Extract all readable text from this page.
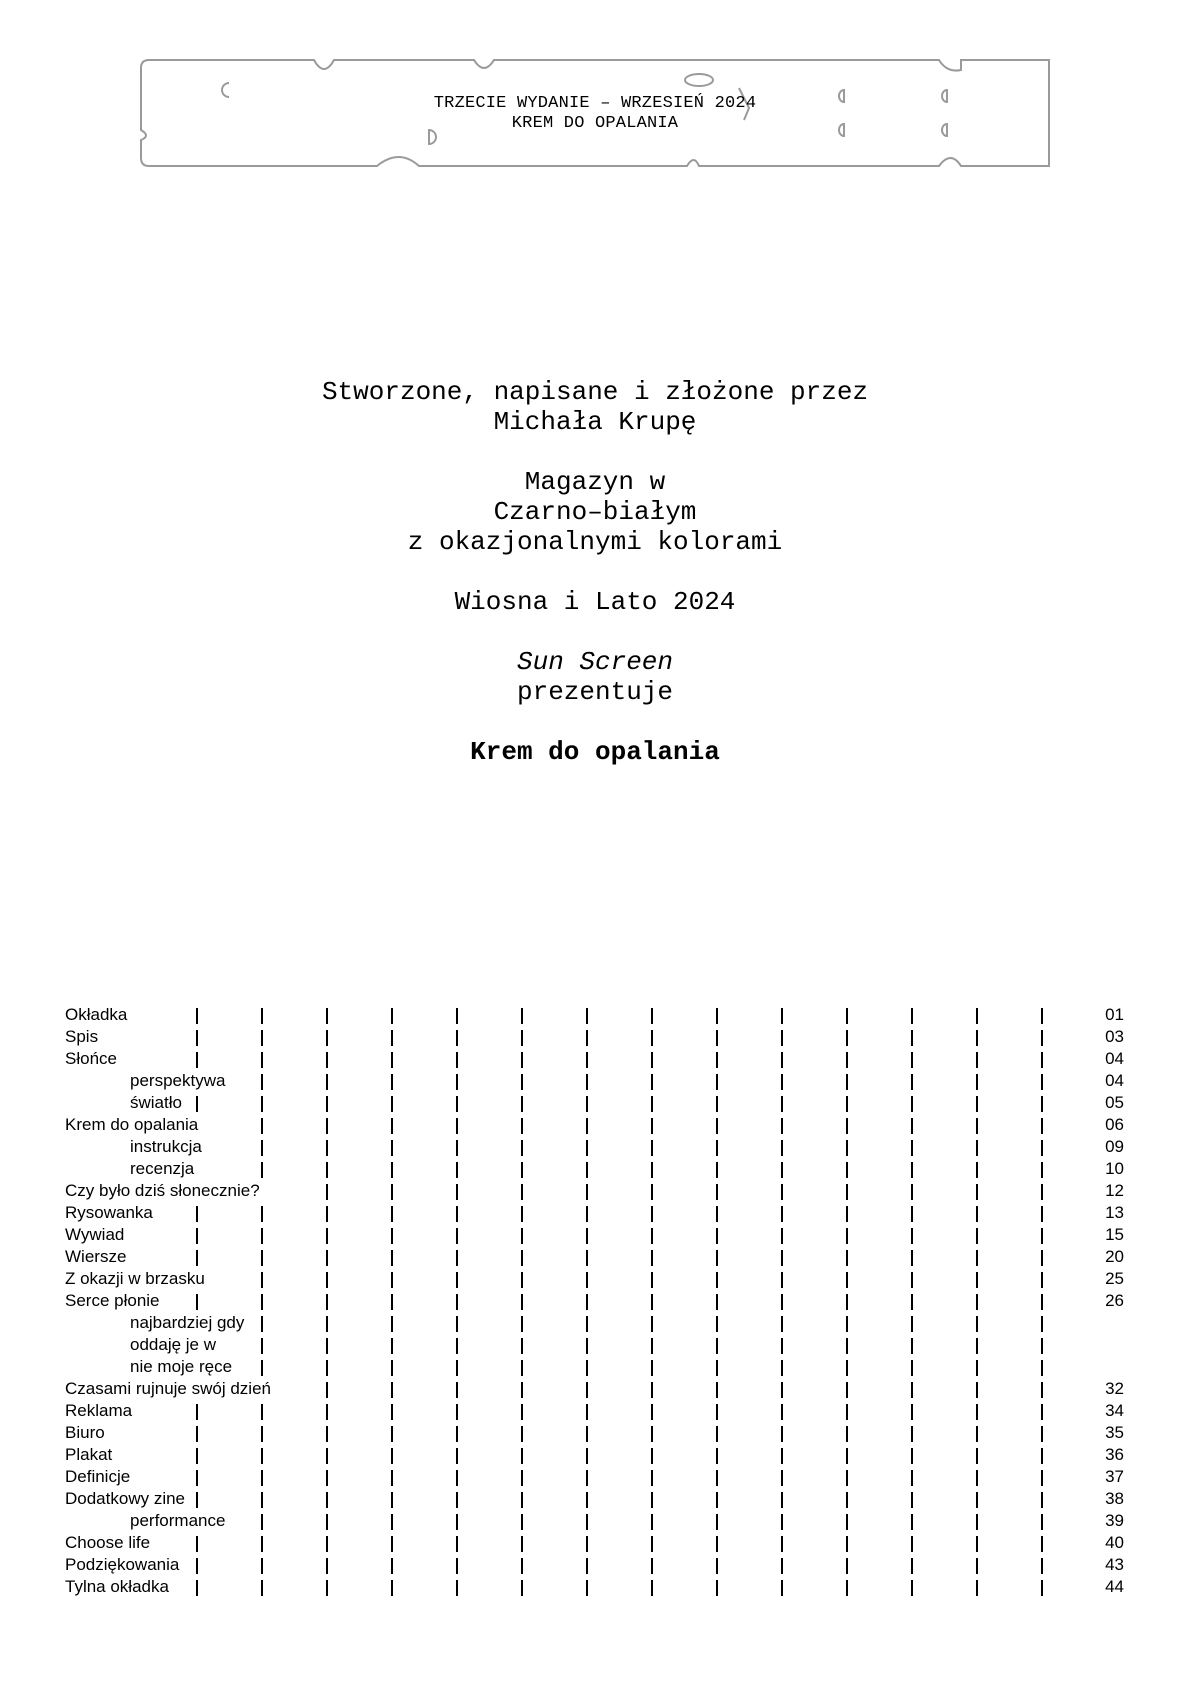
TRZECIE WYDANIE – WRZESIEŃ 2024
KREM DO OPALANIA
Stworzone, napisane i złożone przez
Michała Krupę
Magazyn w
Czarno–białym
z okazjonalnymi kolorami
Wiosna i Lato 2024
Sun Screen
prezentuje
Krem do opalania
Okładka	01
Spis	03
Słońce	04
perspektywa	04
światło	05
Krem do opalania	06
instrukcja	09
recenzja	10
Czy było dziś słonecznie?	12
Rysowanka	13
Wywiad	15
Wiersze	20
Z okazji w brzasku	25
Serce płonie	26
najbardziej gdy
oddaję je w
nie moje ręce
Czasami rujnuje swój dzień	32
Reklama	34
Biuro	35
Plakat	36
Definicje	37
Dodatkowy zine	38
performance	39
Choose life	40
Podziękowania	43
Tylna okładka	44
